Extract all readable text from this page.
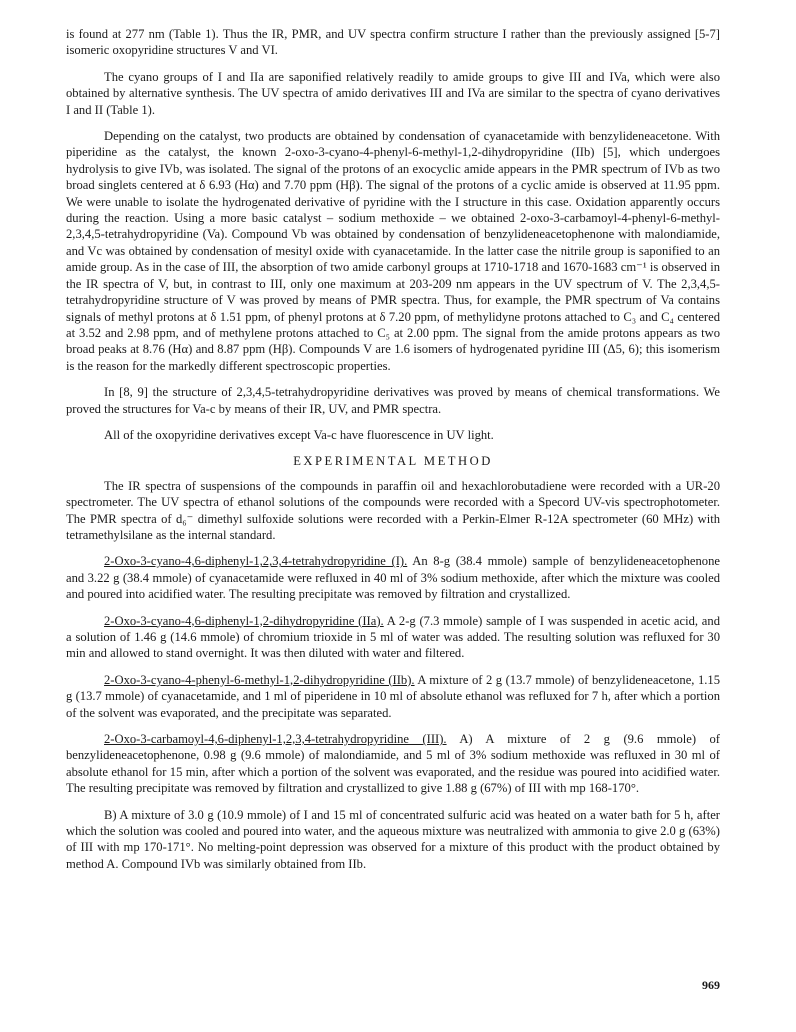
is found at 277 nm (Table 1). Thus the IR, PMR, and UV spectra confirm structure I rather than the previously assigned [5-7] isomeric oxopyridine structures V and VI.

The cyano groups of I and IIa are saponified relatively readily to amide groups to give III and IVa, which were also obtained by alternative synthesis. The UV spectra of amido derivatives III and IVa are similar to the spectra of cyano derivatives I and II (Table 1).

Depending on the catalyst, two products are obtained by condensation of cyanacetamide with benzylideneacetone. With piperidine as the catalyst, the known 2-oxo-3-cyano-4-phenyl-6-methyl-1,2-dihydropyridine (IIb) [5], which undergoes hydrolysis to give IVb, was isolated. The signal of the protons of an exocyclic amide appears in the PMR spectrum of IVb as two broad singlets centered at δ 6.93 (Hα) and 7.70 ppm (Hβ). The signal of the protons of a cyclic amide is observed at 11.95 ppm. We were unable to isolate the hydrogenated derivative of pyridine with the I structure in this case. Oxidation apparently occurs during the reaction. Using a more basic catalyst – sodium methoxide – we obtained 2-oxo-3-carbamoyl-4-phenyl-6-methyl-2,3,4,5-tetrahydropyridine (Va). Compound Vb was obtained by condensation of benzylideneacetophenone with malondiamide, and Vc was obtained by condensation of mesityl oxide with cyanacetamide. In the latter case the nitrile group is saponified to an amide group. As in the case of III, the absorption of two amide carbonyl groups at 1710-1718 and 1670-1683 cm⁻¹ is observed in the IR spectra of V, but, in contrast to III, only one maximum at 203-209 nm appears in the UV spectrum of V. The 2,3,4,5-tetrahydropyridine structure of V was proved by means of PMR spectra. Thus, for example, the PMR spectrum of Va contains signals of methyl protons at δ 1.51 ppm, of phenyl protons at δ 7.20 ppm, of methylidyne protons attached to C₃ and C₄ centered at 3.52 and 2.98 ppm, and of methylene protons attached to C₅ at 2.00 ppm. The signal from the amide protons appears as two broad peaks at 8.76 (Hα) and 8.87 ppm (Hβ). Compounds V are 1.6 isomers of hydrogenated pyridine III (Δ5, 6); this isomerism is the reason for the markedly different spectroscopic properties.

In [8, 9] the structure of 2,3,4,5-tetrahydropyridine derivatives was proved by means of chemical transformations. We proved the structures for Va-c by means of their IR, UV, and PMR spectra.

All of the oxopyridine derivatives except Va-c have fluorescence in UV light.

EXPERIMENTAL METHOD

The IR spectra of suspensions of the compounds in paraffin oil and hexachlorobutadiene were recorded with a UR-20 spectrometer. The UV spectra of ethanol solutions of the compounds were recorded with a Specord UV-vis spectrophotometer. The PMR spectra of d₆⁻ dimethyl sulfoxide solutions were recorded with a Perkin-Elmer R-12A spectrometer (60 MHz) with tetramethylsilane as the internal standard.

2-Oxo-3-cyano-4,6-diphenyl-1,2,3,4-tetrahydropyridine (I). An 8-g (38.4 mmole) sample of benzylideneacetophenone and 3.22 g (38.4 mmole) of cyanacetamide were refluxed in 40 ml of 3% sodium methoxide, after which the mixture was cooled and poured into acidified water. The resulting precipitate was removed by filtration and crystallized.

2-Oxo-3-cyano-4,6-diphenyl-1,2-dihydropyridine (IIa). A 2-g (7.3 mmole) sample of I was suspended in acetic acid, and a solution of 1.46 g (14.6 mmole) of chromium trioxide in 5 ml of water was added. The resulting solution was refluxed for 30 min and allowed to stand overnight. It was then diluted with water and filtered.

2-Oxo-3-cyano-4-phenyl-6-methyl-1,2-dihydropyridine (IIb). A mixture of 2 g (13.7 mmole) of benzylideneacetone, 1.15 g (13.7 mmole) of cyanacetamide, and 1 ml of piperidene in 10 ml of absolute ethanol was refluxed for 7 h, after which a portion of the solvent was evaporated, and the precipitate was separated.

2-Oxo-3-carbamoyl-4,6-diphenyl-1,2,3,4-tetrahydropyridine (III). A) A mixture of 2 g (9.6 mmole) of benzylideneacetophenone, 0.98 g (9.6 mmole) of malondiamide, and 5 ml of 3% sodium methoxide was refluxed in 30 ml of absolute ethanol for 15 min, after which a portion of the solvent was evaporated, and the residue was poured into acidified water. The resulting precipitate was removed by filtration and crystallized to give 1.88 g (67%) of III with mp 168-170°.

B) A mixture of 3.0 g (10.9 mmole) of I and 15 ml of concentrated sulfuric acid was heated on a water bath for 5 h, after which the solution was cooled and poured into water, and the aqueous mixture was neutralized with ammonia to give 2.0 g (63%) of III with mp 170-171°. No melting-point depression was observed for a mixture of this product with the product obtained by method A. Compound IVb was similarly obtained from IIb.

969
